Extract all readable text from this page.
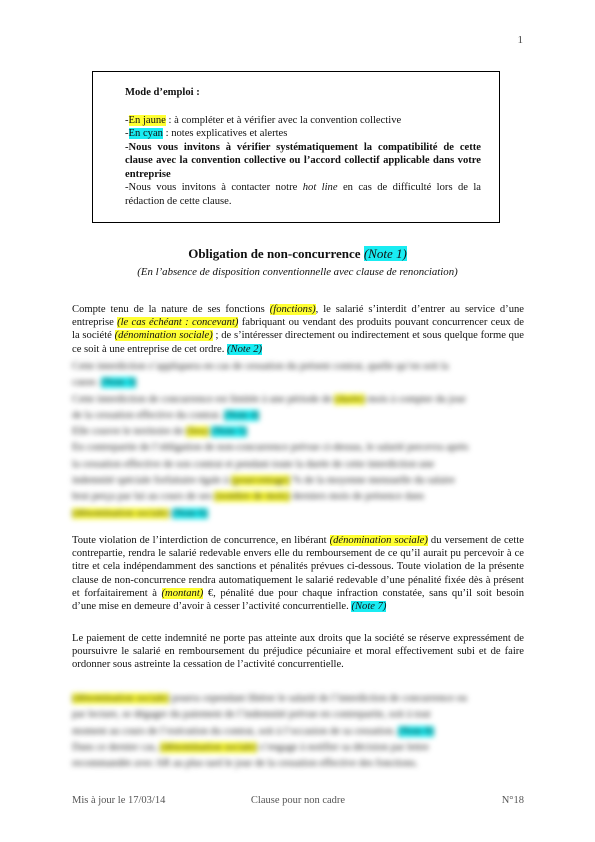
1
Mode d’emploi :
-En jaune : à compléter et à vérifier avec la convention collective
-En cyan : notes explicatives et alertes
-Nous vous invitons à vérifier systématiquement la compatibilité de cette clause avec la convention collective ou l’accord collectif applicable dans votre entreprise
-Nous vous invitons à contacter notre hot line en cas de difficulté lors de la rédaction de cette clause.
Obligation de non-concurrence (Note 1)
(En l’absence de disposition conventionnelle avec clause de renonciation)
Compte tenu de la nature de ses fonctions (fonctions), le salarié s’interdit d’entrer au service d’une entreprise (le cas échéant : concevant) fabriquant ou vendant des produits pouvant concurrencer ceux de la société (dénomination sociale) ; de s’intéresser directement ou indirectement et sous quelque forme que ce soit à une entreprise de cet ordre. (Note 2)
Cette interdiction s’appliquera en cas de cessation du présent contrat, quelle qu’en soit la
cause. (Note 3)
Cette interdiction de concurrence est limitée à une période de (durée) mois à compter du jour
de la cessation effective du contrat. (Note 4)
Elle couvre le territoire de (lieu) (Note 5)
En contrepartie de l’obligation de non-concurrence prévue ci-dessus, le salarié percevra après
la cessation effective de son contrat et pendant toute la durée de cette interdiction une
indemnité spéciale forfaitaire égale à (pourcentage) % de la moyenne mensuelle du salaire
brut perçu par lui au cours de ses (nombre de mois) derniers mois de présence dans
(dénomination sociale) (Note 6)
Toute violation de l’interdiction de concurrence, en libérant (dénomination sociale) du versement de cette contrepartie, rendra le salarié redevable envers elle du remboursement de ce qu’il aurait pu percevoir à ce titre et cela indépendamment des sanctions et pénalités prévues ci-dessous. Toute violation de la présente clause de non-concurrence rendra automatiquement le salarié redevable d’une pénalité fixée dès à présent et forfaitairement à (montant) €, pénalité due pour chaque infraction constatée, sans qu’il soit besoin d’une mise en demeure d’avoir à cesser l’activité concurrentielle. (Note 7)
Le paiement de cette indemnité ne porte pas atteinte aux droits que la société se réserve expressément de poursuivre le salarié en remboursement du préjudice pécuniaire et moral effectivement subi et de faire ordonner sous astreinte la cessation de l’activité concurrentielle.
(dénomination sociale) pourra cependant libérer le salarié de l’interdiction de concurrence ou
par lecture, se dégager du paiement de l’indemnité prévue en contrepartie, soit à tout
moment au cours de l’exécution du contrat, soit à l’occasion de sa cessation. (Note 8)
Dans ce dernier cas, (dénomination sociale) s’engage à notifier sa décision par lettre
recommandée avec AR au plus tard le jour de la cessation effective des fonctions.
Mis à jour le 17/03/14	Clause pour non cadre	N°18
